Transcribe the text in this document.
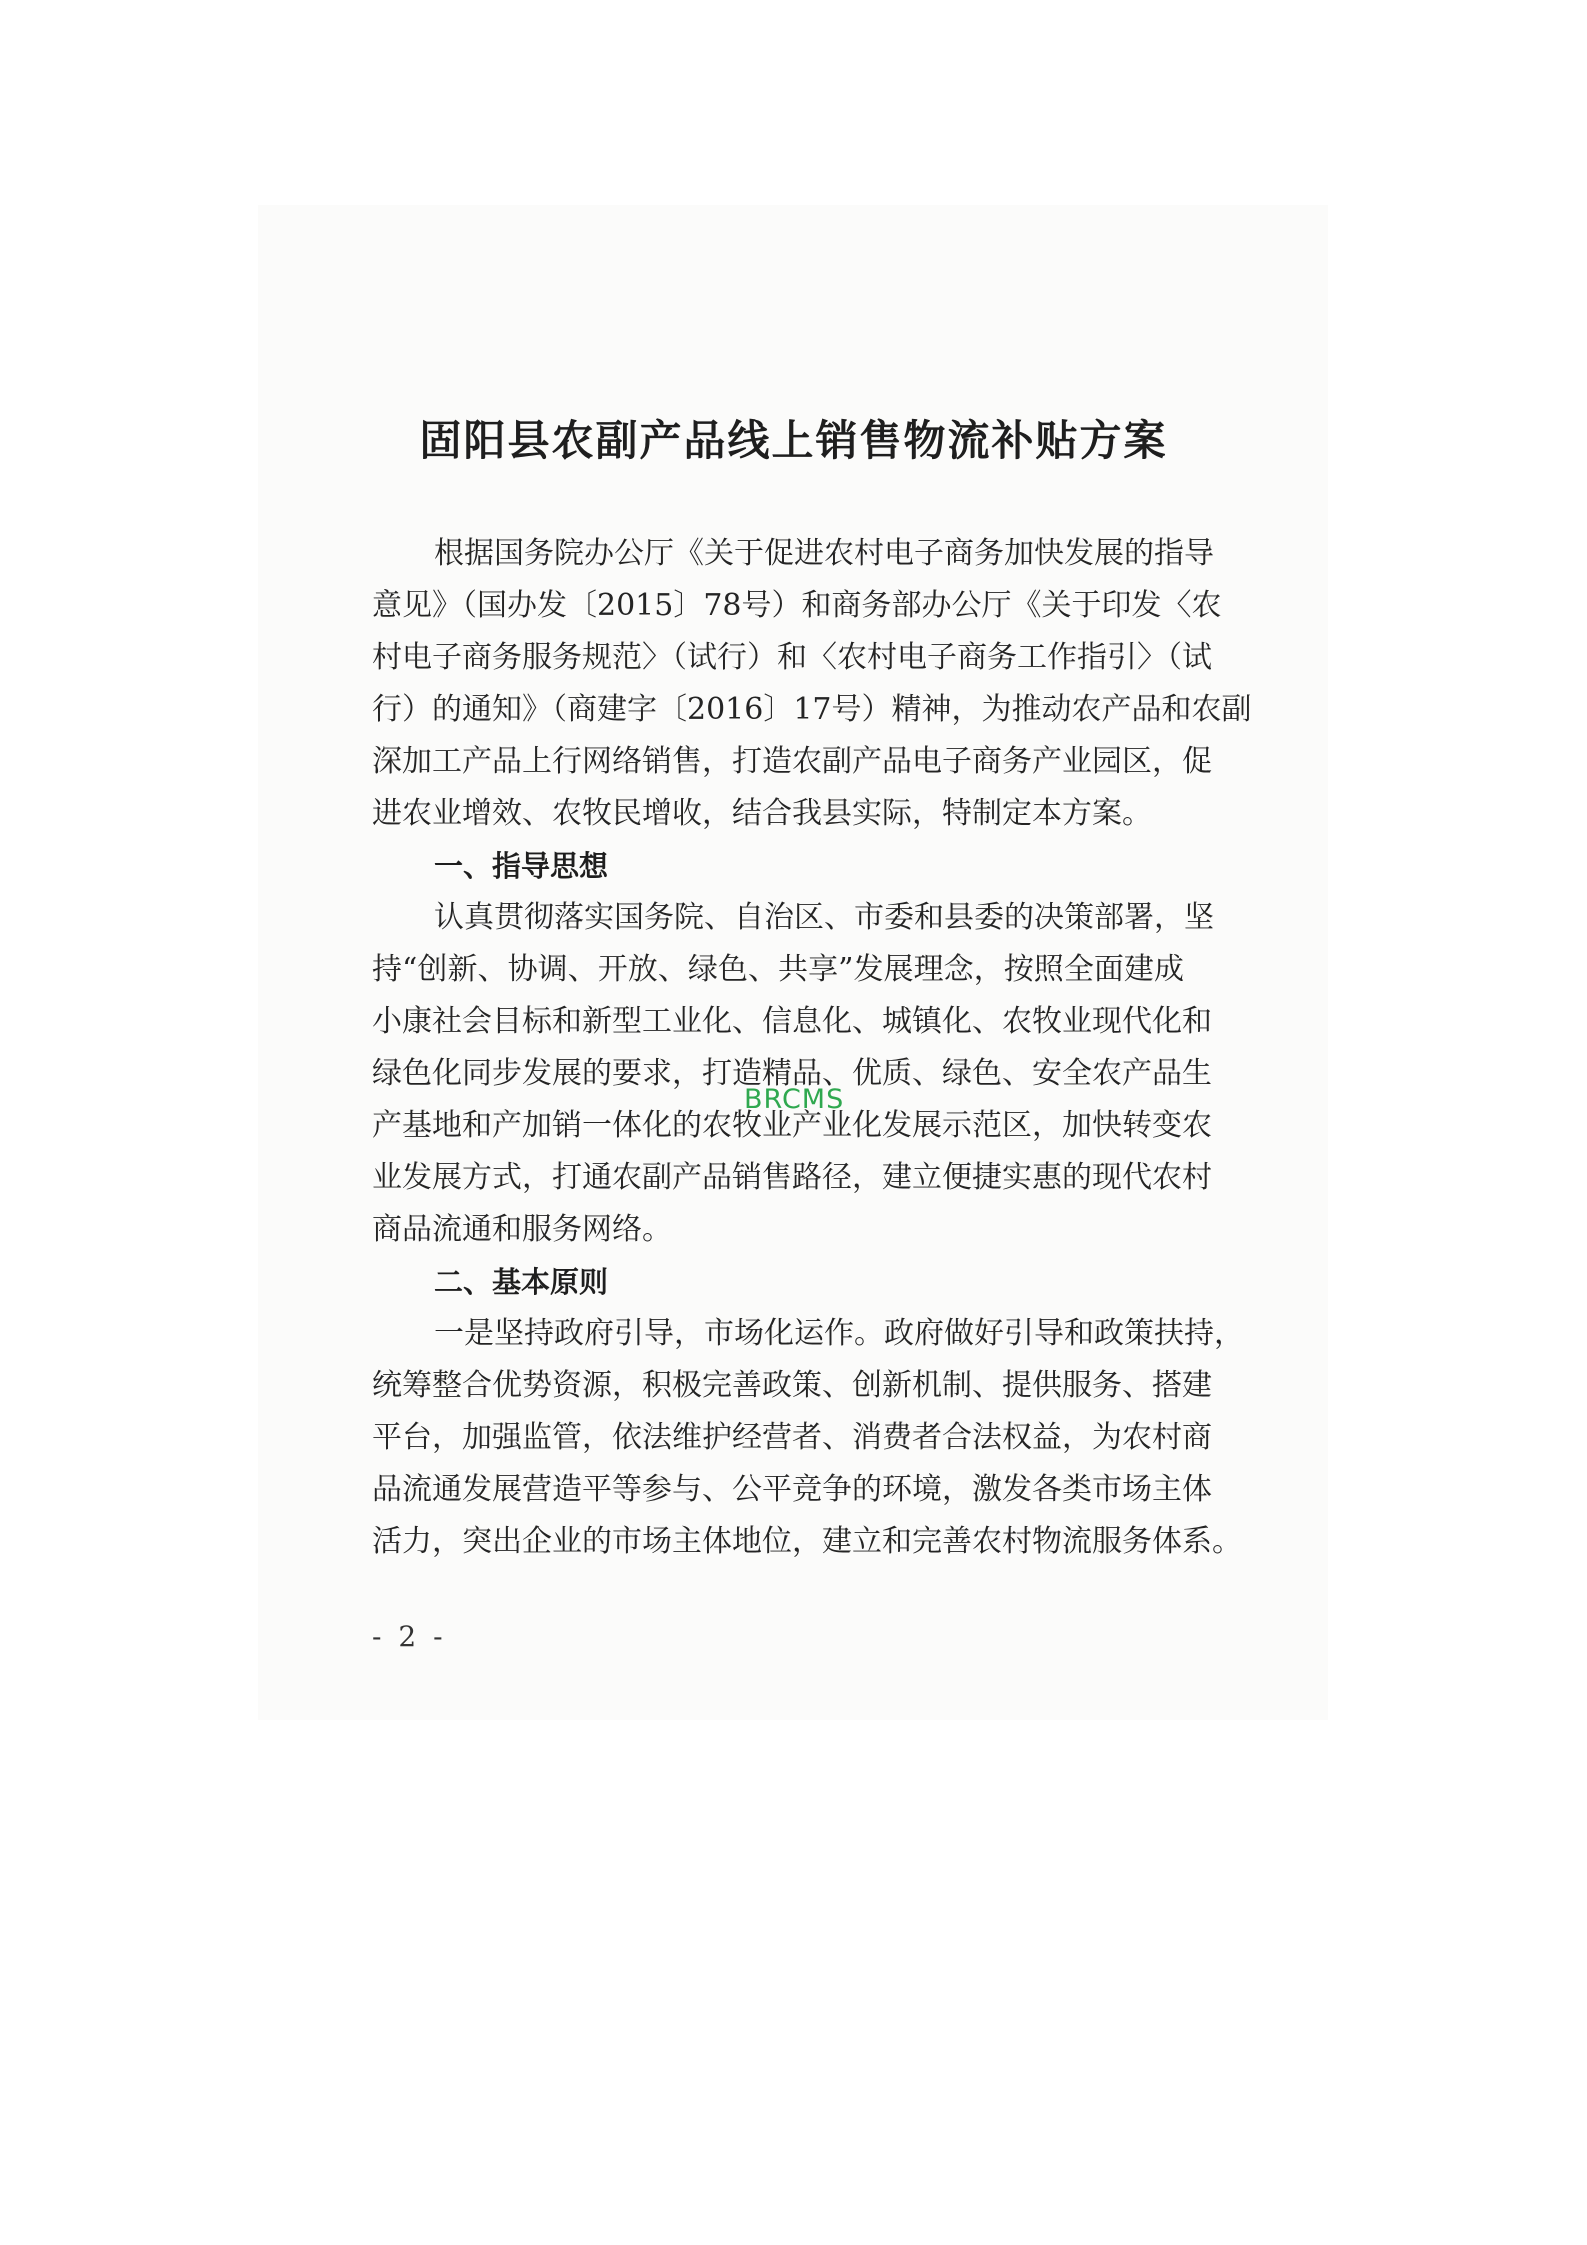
固阳县农副产品线上销售物流补贴方案
根据国务院办公厅《关于促进农村电子商务加快发展的指导
意见》（国办发〔2015〕78号）和商务部办公厅《关于印发〈农
村电子商务服务规范〉（试行）和〈农村电子商务工作指引〉（试
行）的通知》（商建字〔2016〕17号）精神，为推动农产品和农副
深加工产品上行网络销售，打造农副产品电子商务产业园区，促
进农业增效、农牧民增收，结合我县实际，特制定本方案。
一、指导思想
认真贯彻落实国务院、自治区、市委和县委的决策部署，坚
持“创新、协调、开放、绿色、共享”发展理念，按照全面建成
小康社会目标和新型工业化、信息化、城镇化、农牧业现代化和
绿色化同步发展的要求，打造精品、优质、绿色、安全农产品生
产基地和产加销一体化的农牧业产业化发展示范区，加快转变农
业发展方式，打通农副产品销售路径，建立便捷实惠的现代农村
商品流通和服务网络。
二、基本原则
一是坚持政府引导，市场化运作。政府做好引导和政策扶持，
统筹整合优势资源，积极完善政策、创新机制、提供服务、搭建
平台，加强监管，依法维护经营者、消费者合法权益，为农村商
品流通发展营造平等参与、公平竞争的环境，激发各类市场主体
活力，突出企业的市场主体地位，建立和完善农村物流服务体系。
BRCMS
- 2 -
